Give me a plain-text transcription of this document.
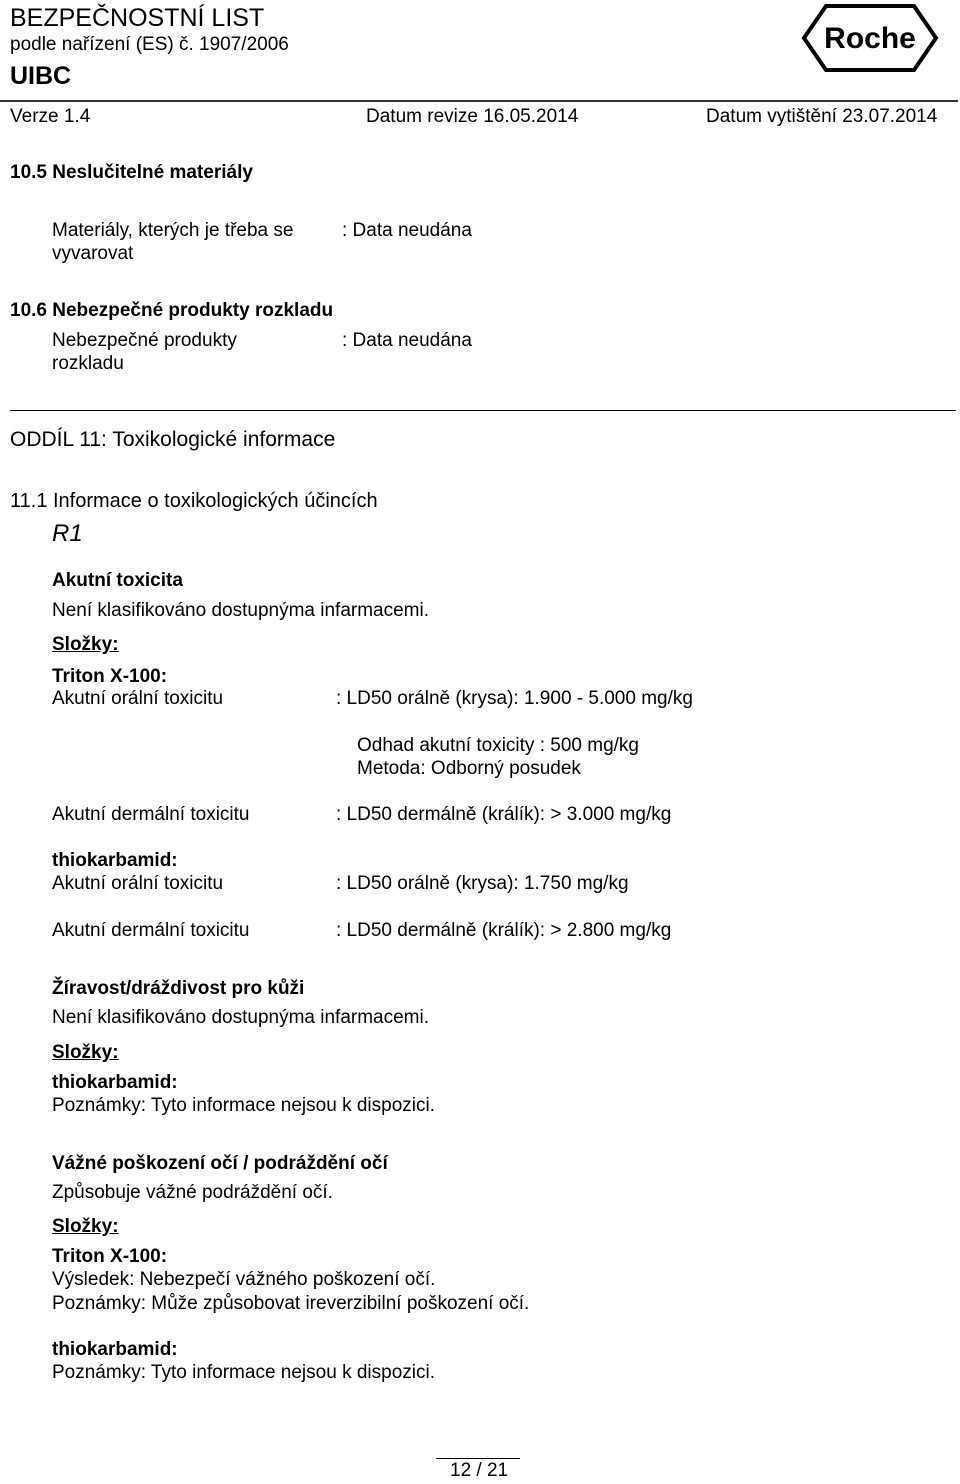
BEZPEČNOSTNÍ LIST
podle nařízení (ES) č. 1907/2006
UIBC
Verze 1.4	Datum revize 16.05.2014	Datum vytištění 23.07.2014
Roche
10.5 Neslučitelné materiály
Materiály, kterých je třeba se
vyvarovat
: Data neudána
10.6 Nebezpečné produkty rozkladu
Nebezpečné produkty
rozkladu
: Data neudána
ODDÍL 11: Toxikologické informace
11.1 Informace o toxikologických účincích
R1
Akutní toxicita
Není klasifikováno dostupnýma infarmacemi.
Složky:
Triton X-100:
Akutní orální toxicitu	: LD50 orálně (krysa): 1.900 - 5.000 mg/kg
Odhad akutní toxicity : 500 mg/kg
Metoda: Odborný posudek
Akutní dermální toxicitu	: LD50 dermálně (králík): > 3.000 mg/kg
thiokarbamid:
Akutní orální toxicitu	: LD50 orálně (krysa): 1.750 mg/kg
Akutní dermální toxicitu	: LD50 dermálně (králík): > 2.800 mg/kg
Žíravost/dráždivost pro kůži
Není klasifikováno dostupnýma infarmacemi.
Složky:
thiokarbamid:
Poznámky: Tyto informace nejsou k dispozici.
Vážné poškození očí / podráždění očí
Způsobuje vážné podráždění očí.
Složky:
Triton X-100:
Výsledek: Nebezpečí vážného poškození očí.
Poznámky: Může způsobovat ireverzibilní poškození očí.
thiokarbamid:
Poznámky: Tyto informace nejsou k dispozici.
12 / 21
